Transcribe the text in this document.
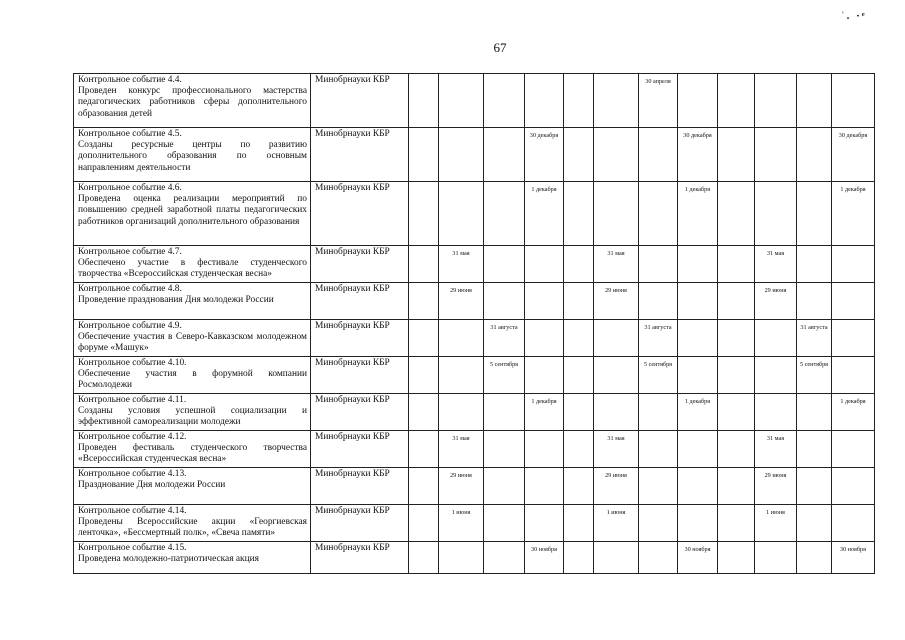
ʿ. ·ᵉ
67
Контрольное событие 4.4.
Проведен конкурс профессионального мастерства педагогических работников сферы дополнительного образования детей	Минобрнауки КБР							30 апреля					

Контрольное событие 4.5.
Созданы ресурсные центры по развитию дополнительного образования по основным направлениям деятельности	Минобрнауки КБР				30 декабря				30 декабря				30 декабря

Контрольное событие 4.6.
Проведена оценка реализации мероприятий по повышению средней заработной платы педагогических работников организаций дополнительного образования	Минобрнауки КБР				1 декабря				1 декабря				1 декабря

Контрольное событие 4.7.
Обеспечено участие в фестивале студенческого творчества «Всероссийская студенческая весна»	Минобрнауки КБР		31 мая				31 мая				31 мая		

Контрольное событие 4.8.
Проведение празднования Дня молодежи России	Минобрнауки КБР		29 июня				29 июня				29 июня		

Контрольное событие 4.9.
Обеспечение участия в Северо-Кавказском молодежном форуме «Машук»	Минобрнауки КБР			31 августа				31 августа				31 августа	

Контрольное событие 4.10.
Обеспечение участия в форумной компании Росмолодежи	Минобрнауки КБР			5 сентября				5 сентября				5 сентября	

Контрольное событие 4.11.
Созданы условия успешной социализации и эффективной самореализации молодежи	Минобрнауки КБР				1 декабря				1 декабря				1 декабря

Контрольное событие 4.12.
Проведен фестиваль студенческого творчества «Всероссийская студенческая весна»	Минобрнауки КБР		31 мая				31 мая				31 мая		

Контрольное событие 4.13.
Празднование Дня молодежи России	Минобрнауки КБР		29 июня				29 июня				29 июня		

Контрольное событие 4.14.
Проведены Всероссийские акции «Георгиевская ленточка», «Бессмертный полк», «Свеча памяти»	Минобрнауки КБР		1 июня				1 июня				1 июня		

Контрольное событие 4.15.
Проведена молодежно-патриотическая акция	Минобрнауки КБР				30 ноября				30 ноября				30 ноября
